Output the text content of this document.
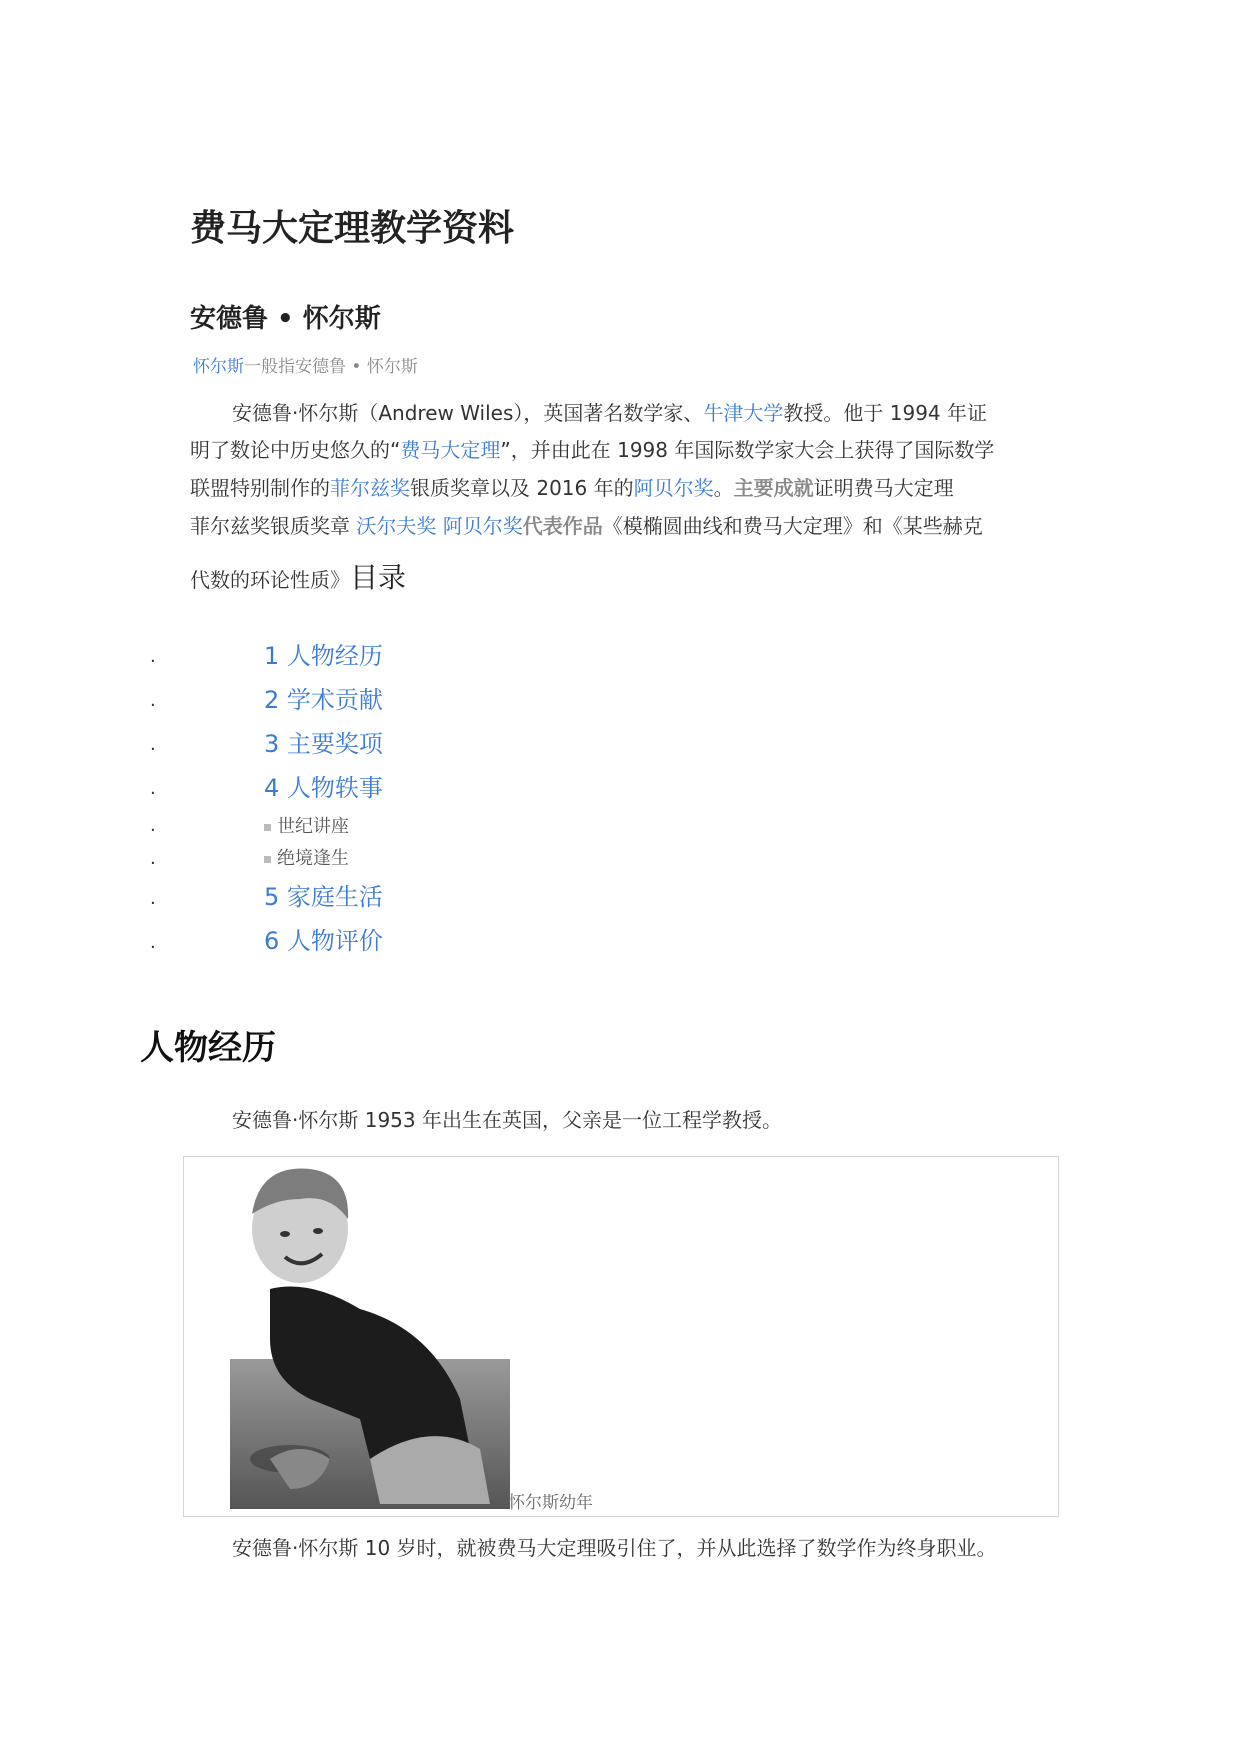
费马大定理教学资料
安德鲁 • 怀尔斯
怀尔斯一般指安德鲁 • 怀尔斯
安德鲁·怀尔斯（Andrew Wiles），英国著名数学家、牛津大学教授。他于 1994 年证
明了数论中历史悠久的“费马大定理”，并由此在 1998 年国际数学家大会上获得了国际数学
联盟特别制作的菲尔兹奖银质奖章以及 2016 年的阿贝尔奖。主要成就证明费马大定理
菲尔兹奖银质奖章 沃尔夫奖 阿贝尔奖代表作品《模椭圆曲线和费马大定理》和《某些赫克
代数的环论性质》目录
.	1 人物经历
.	2 学术贡献
.	3 主要奖项
.	4 人物轶事
.	世纪讲座
.	绝境逢生
.	5 家庭生活
.	6 人物评价
人物经历
安德鲁·怀尔斯 1953 年出生在英国，父亲是一位工程学教授。
怀尔斯幼年
安德鲁·怀尔斯 10 岁时，就被费马大定理吸引住了，并从此选择了数学作为终身职业。
